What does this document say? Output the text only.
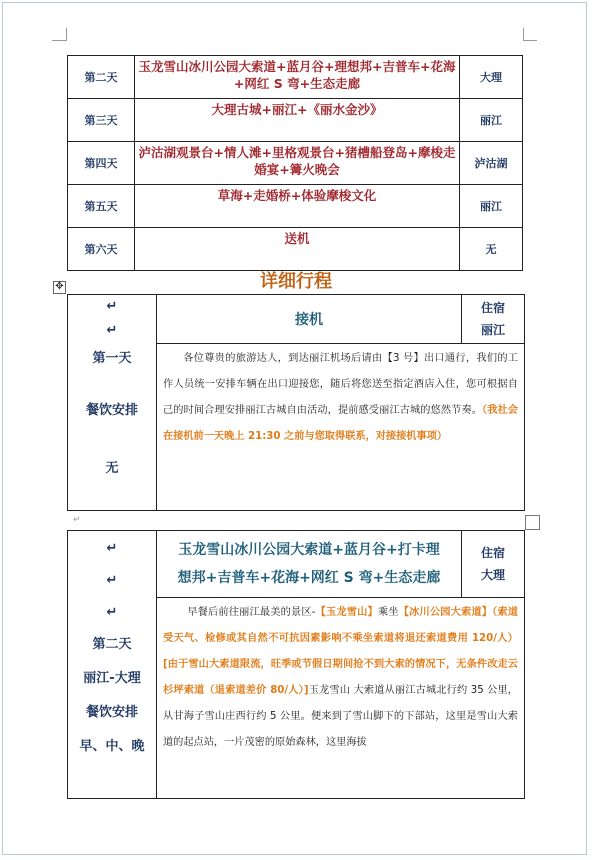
第二天	玉龙雪山冰川公园大索道+蓝月谷+理想邦+吉普车+花海
+网红 S 弯+生态走廊	大理
第三天	大理古城+丽江+《丽水金沙》	丽江
第四天	泸沽湖观景台+情人滩+里格观景台+猪槽船登岛+摩梭走
婚宴+篝火晚会	泸沽湖
第五天	草海+走婚桥+体验摩梭文化	丽江
第六天	送机	无
详细行程
✥
↵
↵
第一天
餐饮安排
无
	接机	
住宿
丽江

各位尊贵的旅游达人，到达丽江机场后请由【3 号】出口通行，我们的工作人员统一安排车辆在出口迎接您，随后将您送至指定酒店入住，您可根据自己的时间合理安排丽江古城自由活动，提前感受丽江古城的悠然节奏。（我社会在接机前一天晚上 21:30 之前与您取得联系，对接接机事项）
↵
↵
↵
↵
第二天
丽江-大理
餐饮安排
早、中、晚

玉龙雪山冰川公园大索道+蓝月谷+打卡理
想邦+吉普车+花海+网红 S 弯+生态走廊

住宿
大理

早餐后前往丽江最美的景区-【玉龙雪山】乘坐【冰川公园大索道】（索道受天气、检修或其自然不可抗因素影响不乘坐索道将退还索道费用 120/人）[由于雪山大索道限流，旺季或节假日期间抢不到大索的情况下，无条件改走云杉坪索道（退索道差价 80/人）]玉龙雪山 大索道从丽江古城北行约 35 公里，从甘海子雪山庄西行约 5 公里。便来到了雪山脚下的下部站，这里是雪山大索道的起点站，一片茂密的原始森林，这里海拔
